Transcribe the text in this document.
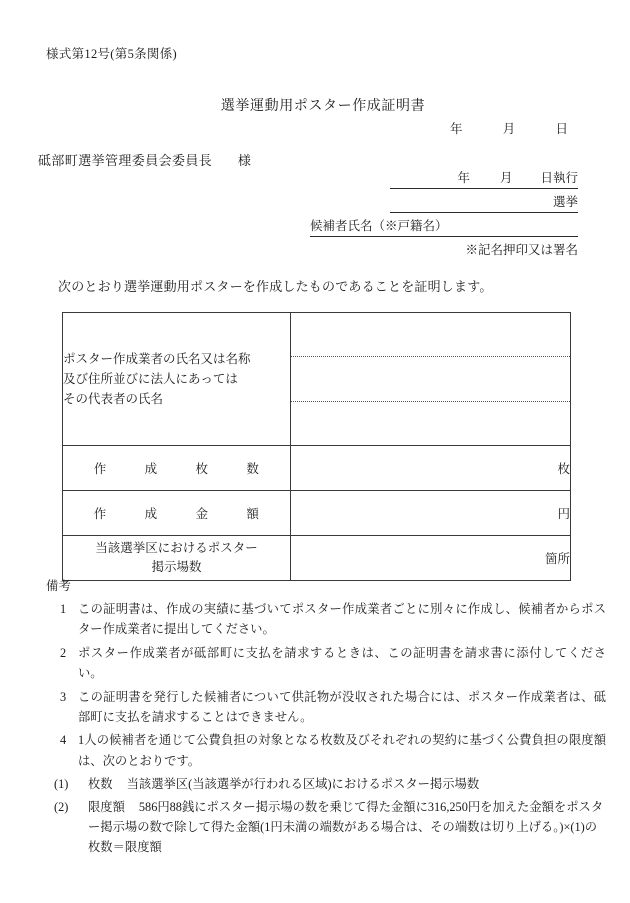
様式第12号(第5条関係)
選挙運動用ポスター作成証明書
年	月	日
砥部町選挙管理委員会委員長 様
年 月 日執行
選挙
候補者氏名（※戸籍名）
※記名押印又は署名
次のとおり選挙運動用ポスターを作成したものであることを証明します。
ポスター作成業者の氏名又は名称
及び住所並びに法人にあっては
その代表者の氏名	

作 成 枚 数	枚
作 成 金 額	円

当該選挙区におけるポスター
掲示場数	箇所
備考
1 この証明書は、作成の実績に基づいてポスター作成業者ごとに別々に作成し、候補者からポスター作成業者に提出してください。
2 ポスター作成業者が砥部町に支払を請求するときは、この証明書を請求書に添付してください。
3 この証明書を発行した候補者について供託物が没収された場合には、ポスター作成業者は、砥部町に支払を請求することはできません。
4 1人の候補者を通じて公費負担の対象となる枚数及びそれぞれの契約に基づく公費負担の限度額は、次のとおりです。
(1)	枚数 当該選挙区(当該選挙が行われる区域)におけるポスター掲示場数
(2)	限度額 586円88銭にポスター掲示場の数を乗じて得た金額に316,250円を加えた金額をポスター掲示場の数で除して得た金額(1円未満の端数がある場合は、その端数は切り上げる。)×(1)の枚数＝限度額
